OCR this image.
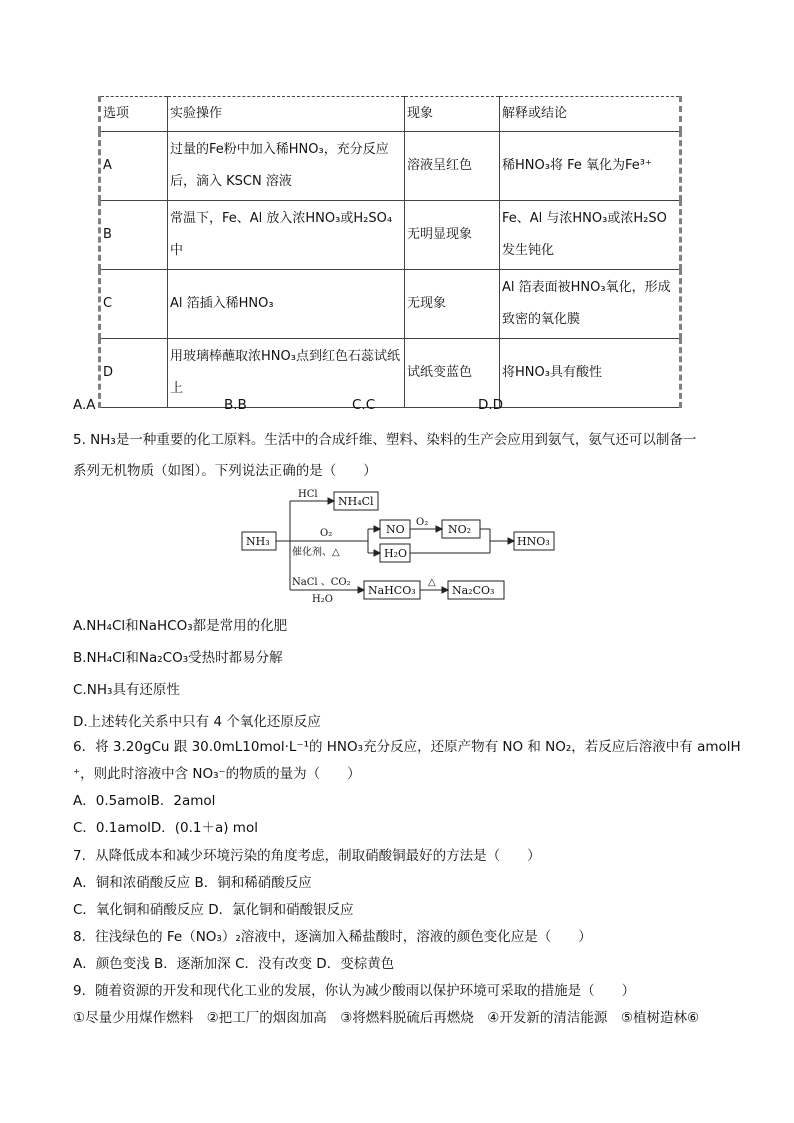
选项	实验操作	现象	解释或结论
A	过量的Fe粉中加入稀HNO₃，充分反应后，滴入 KSCN 溶液	溶液呈红色	稀HNO₃将 Fe 氧化为Fe³⁺
B	常温下，Fe、Al 放入浓HNO₃或H₂SO₄中	无明显现象	Fe、Al 与浓HNO₃或浓H₂SO发生钝化
C	Al 箔插入稀HNO₃	无现象	Al 箔表面被HNO₃氧化，形成致密的氧化膜
D	用玻璃棒蘸取浓HNO₃点到红色石蕊试纸上	试纸变蓝色	将HNO₃具有酸性
A.A	B.B	C.C	D.D
5. NH₃是一种重要的化工原料。生活中的合成纤维、塑料、染料的生产会应用到氨气，氨气还可以制备一
系列无机物质（如图）。下列说法正确的是（　　）
NH₃
HCl
NH₄Cl
O₂
催化剂、△
NO
O₂
NO₂
H₂O
HNO₃
NaCl 、CO₂
H₂O
NaHCO₃
△
Na₂CO₃
A.NH₄Cl和NaHCO₃都是常用的化肥
B.NH₄Cl和Na₂CO₃受热时都易分解
C.NH₃具有还原性
D.上述转化关系中只有 4 个氧化还原反应
6．将 3.20gCu 跟 30.0mL10mol·L⁻¹的 HNO₃充分反应，还原产物有 NO 和 NO₂，若反应后溶液中有 amolH
⁺，则此时溶液中含 NO₃⁻的物质的量为（　　）
A．0.5amolB．2amol
C．0.1amolD．(0.1＋a) mol
7．从降低成本和减少环境污染的角度考虑，制取硝酸铜最好的方法是（　　）
A．铜和浓硝酸反应 B．铜和稀硝酸反应
C．氧化铜和硝酸反应 D．氯化铜和硝酸银反应
8．往浅绿色的 Fe（NO₃）₂溶液中，逐滴加入稀盐酸时，溶液的颜色变化应是（　　）
A．颜色变浅 B．逐渐加深 C．没有改变 D．变棕黄色
9．随着资源的开发和现代化工业的发展，你认为减少酸雨以保护环境可采取的措施是（　　）
①尽量少用煤作燃料　②把工厂的烟囱加高　③将燃料脱硫后再燃烧　④开发新的清洁能源　⑤植树造林⑥
